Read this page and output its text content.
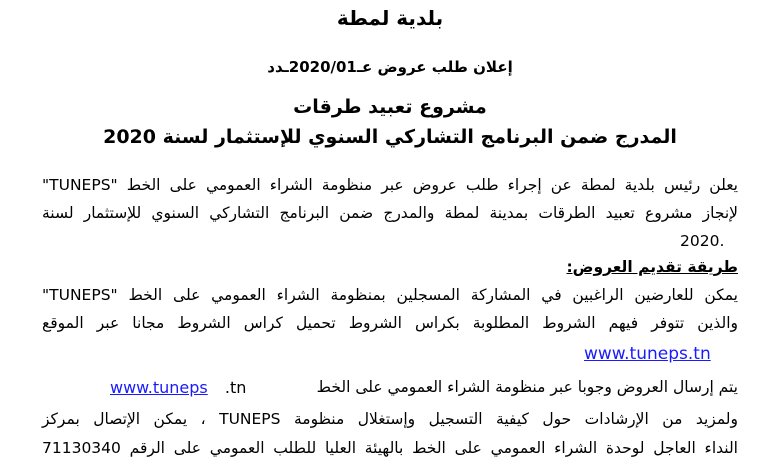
بلدية لمطة
إعلان طلب عروض عـ2020/01ـدد
مشروع تعبيد طرقات
المدرج ضمن البرنامج التشاركي السنوي للإستثمار لسنة 2020
يعلن رئيس بلدية لمطة عن إجراء طلب عروض عبر منظومة الشراء العمومي على الخط "TUNEPS"
لإنجاز مشروع تعبيد الطرقات بمدينة لمطة والمدرج ضمن البرنامج التشاركي السنوي للإستثمار لسنة
2020.
طريقة تقديم العروض:
يمكن للعارضين الراغبين في المشاركة المسجلين بمنظومة الشراء العمومي على الخط "TUNEPS"
والذين تتوفر فيهم الشروط المطلوبة بكراس الشروط تحميل كراس الشروط مجانا عبر الموقع
www.tuneps.tn
يتم إرسال العروض وجوبا عبر منظومة الشراء العمومي على الخط
www.tuneps .tn
ولمزيد من الإرشادات حول كيفية التسجيل وإستغلال منظومة TUNEPS ، يمكن الإتصال بمركز
النداء العاجل لوحدة الشراء العمومي على الخط بالهيئة العليا للطلب العمومي على الرقم 71130340
